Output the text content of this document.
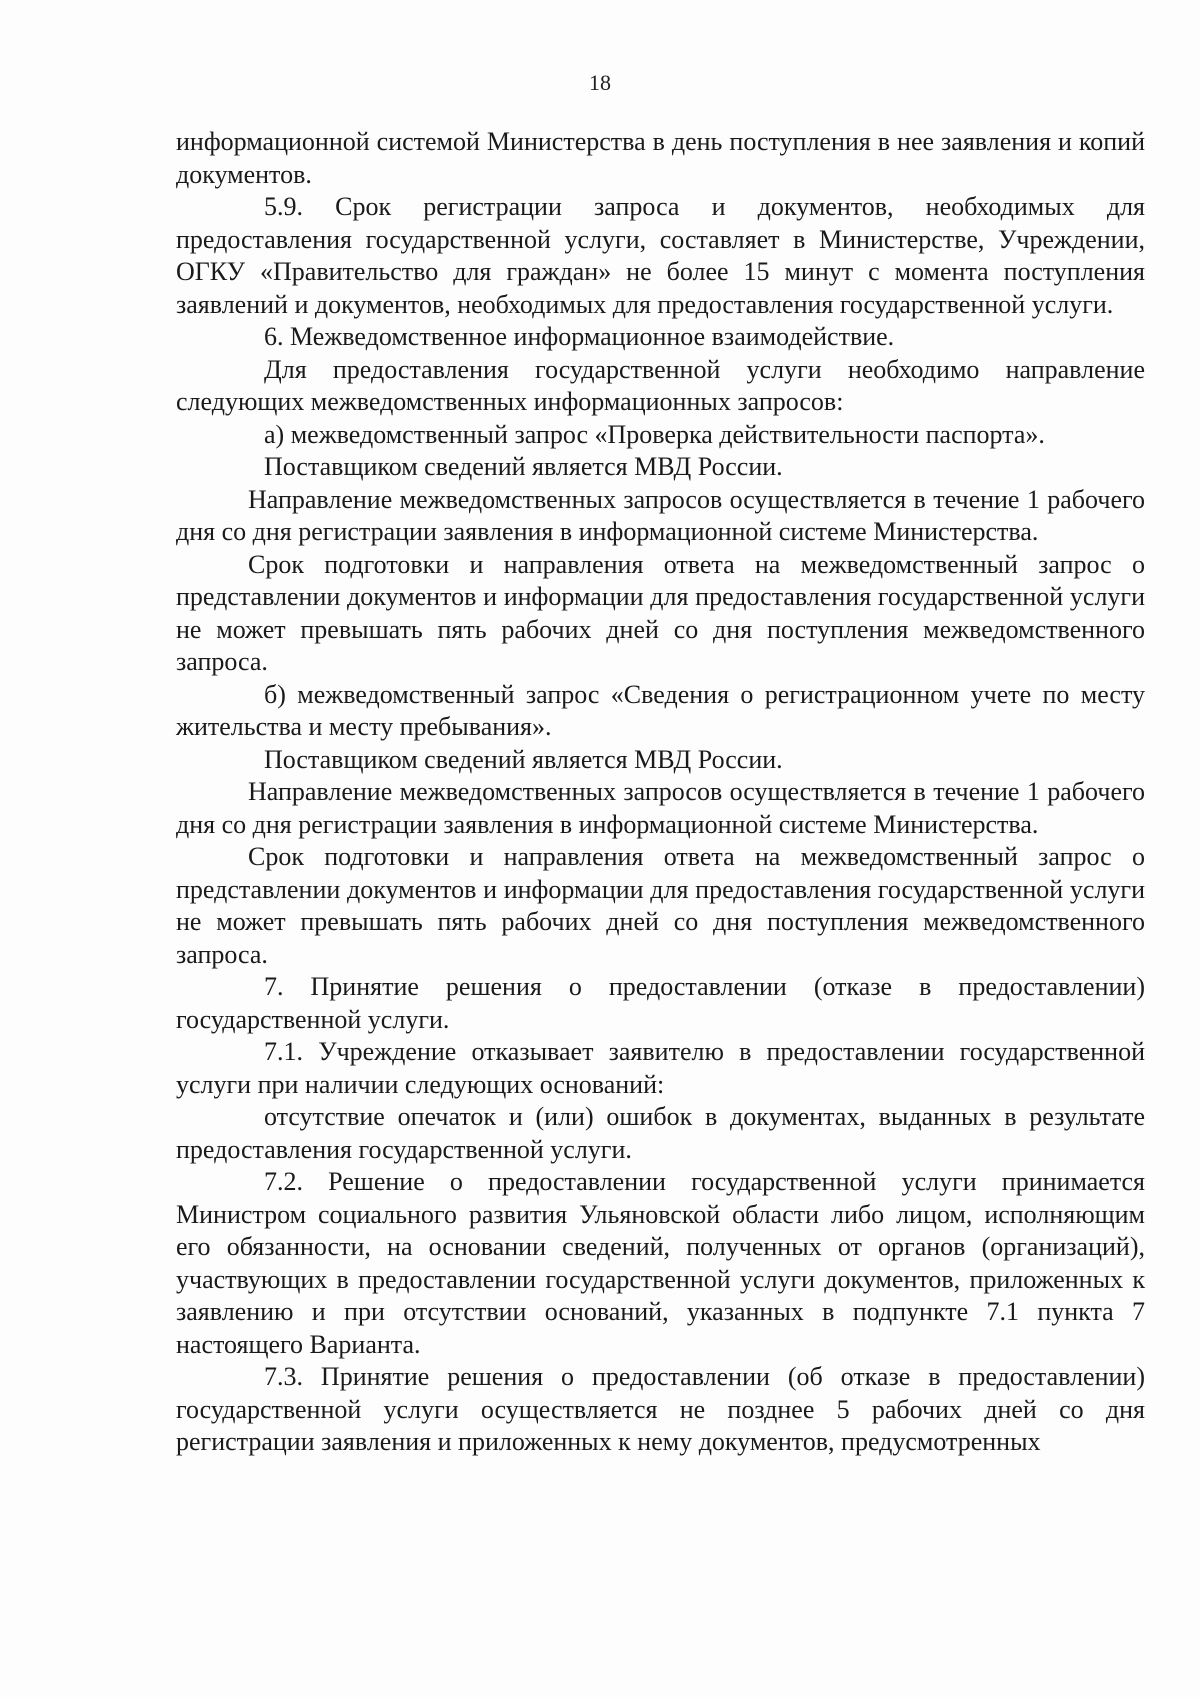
18

информационной системой Министерства в день поступления в нее заявления и копий документов.

5.9. Срок регистрации запроса и документов, необходимых для предоставления государственной услуги, составляет в Министерстве, Учреждении, ОГКУ «Правительство для граждан» не более 15 минут с момента поступления заявлений и документов, необходимых для предоставления государственной услуги.

6. Межведомственное информационное взаимодействие.

Для предоставления государственной услуги необходимо направление следующих межведомственных информационных запросов:

а) межведомственный запрос «Проверка действительности паспорта».

Поставщиком сведений является МВД России.

Направление межведомственных запросов осуществляется в течение 1 рабочего дня со дня регистрации заявления в информационной системе Министерства.

Срок подготовки и направления ответа на межведомственный запрос о представлении документов и информации для предоставления государственной услуги не может превышать пять рабочих дней со дня поступления межведомственного запроса.

б) межведомственный запрос «Сведения о регистрационном учете по месту жительства и месту пребывания».

Поставщиком сведений является МВД России.

Направление межведомственных запросов осуществляется в течение 1 рабочего дня со дня регистрации заявления в информационной системе Министерства.

Срок подготовки и направления ответа на межведомственный запрос о представлении документов и информации для предоставления государственной услуги не может превышать пять рабочих дней со дня поступления межведомственного запроса.

7. Принятие решения о предоставлении (отказе в предоставлении) государственной услуги.

7.1. Учреждение отказывает заявителю в предоставлении государственной услуги при наличии следующих оснований:

отсутствие опечаток и (или) ошибок в документах, выданных в результате предоставления государственной услуги.

7.2. Решение о предоставлении государственной услуги принимается Министром социального развития Ульяновской области либо лицом, исполняющим его обязанности, на основании сведений, полученных от органов (организаций), участвующих в предоставлении государственной услуги документов, приложенных к заявлению и при отсутствии оснований, указанных в подпункте 7.1 пункта 7 настоящего Варианта.

7.3. Принятие решения о предоставлении (об отказе в предоставлении) государственной услуги осуществляется не позднее 5 рабочих дней со дня регистрации заявления и приложенных к нему документов, предусмотренных
